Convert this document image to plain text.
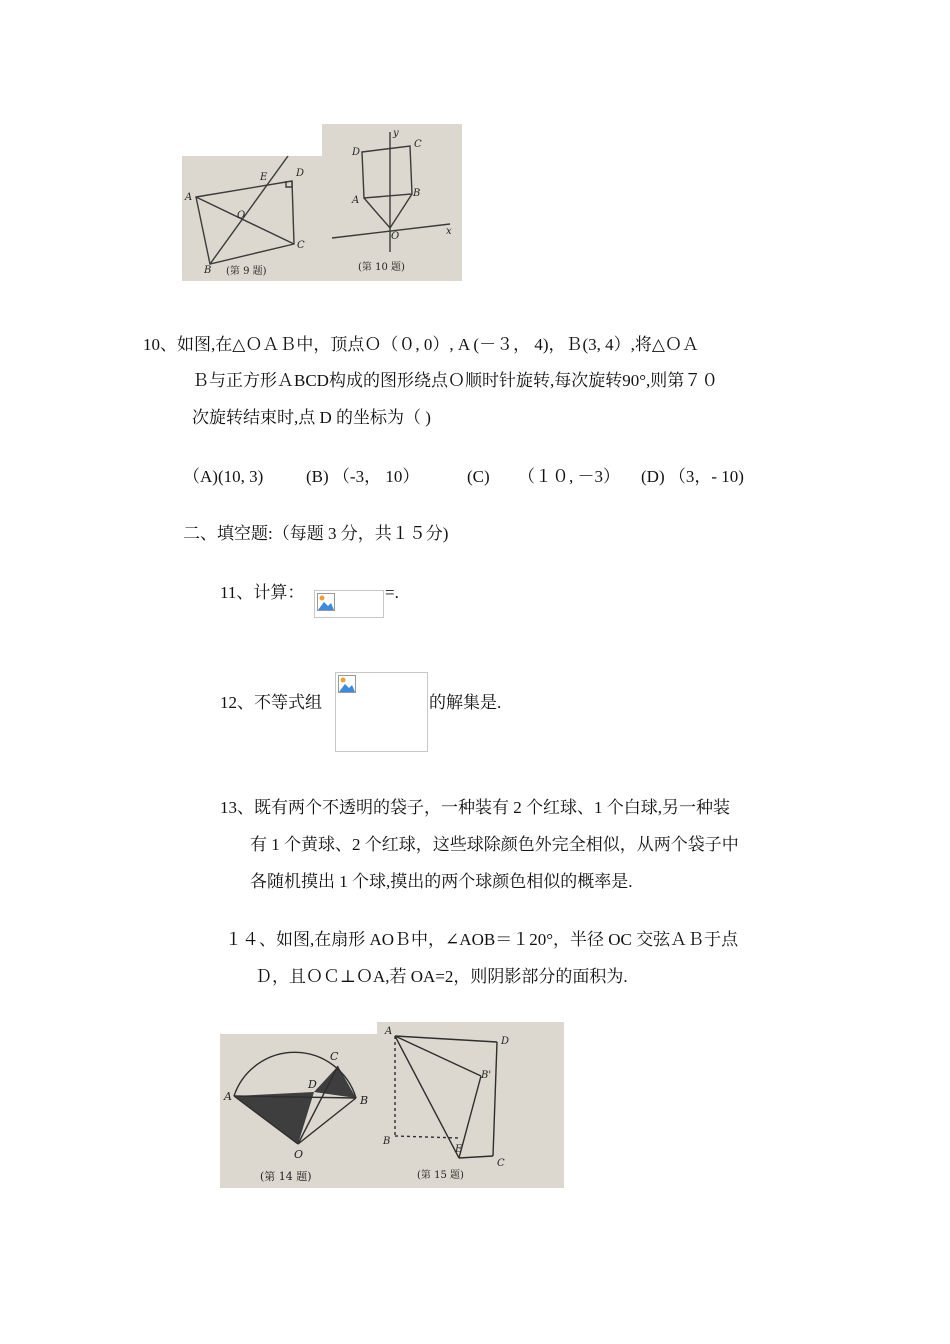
A
B
C
D
E
O
(第 9 题)
y
D
C
A
B
O	x
(第 10 题)
10、如图,在△ＯＡＢ中，顶点Ｏ（０, 0）, A (－３， 4)，Ｂ(3, 4）,将△ＯＡ
Ｂ与正方形ＡBCD构成的图形绕点Ｏ顺时针旋转,每次旋转90°,则第７０
次旋转结束时,点 D 的坐标为（ )
（A)(10, 3)	(B) （-3， 10）	(C) （１０, －3） (D) （3，- 10)
二、填空题:（每题 3 分，共１５分)
11、计算：	=.
12、不等式组	的解集是.
13、既有两个不透明的袋子，一种装有 2 个红球、1 个白球,另一种装
有 1 个黄球、2 个红球，这些球除颜色外完全相似，从两个袋子中
各随机摸出 1 个球,摸出的两个球颜色相似的概率是.
１４、如图,在扇形 AOＢ中，∠AOB＝１20°，半径 OC 交弦ＡＢ于点
Ｄ，且ＯＣ⊥ＯA,若 OA=2，则阴影部分的面积为.
A	B
C
D
O
(第 14 题)
A
D
B'
B
E
C
(第 15 题)
